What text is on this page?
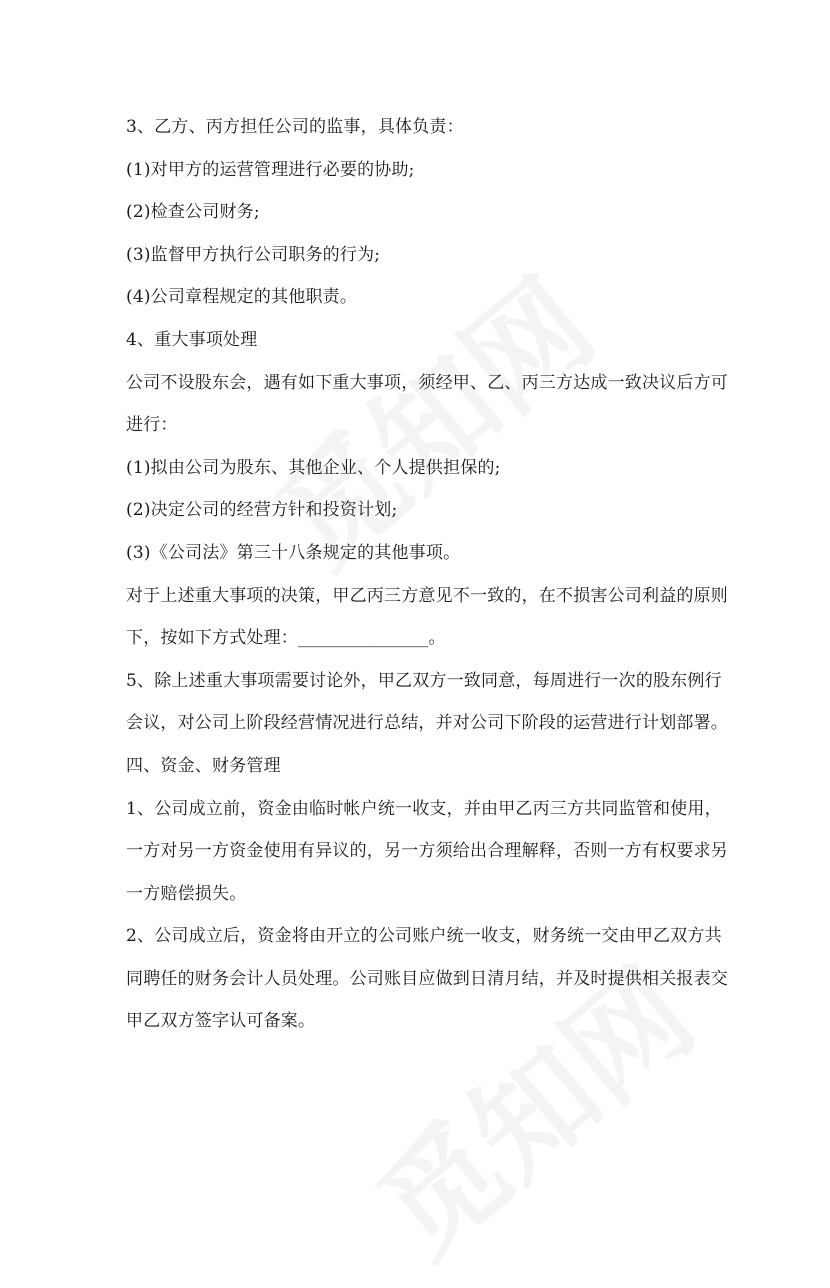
3、乙方、丙方担任公司的监事，具体负责：
(1)对甲方的运营管理进行必要的协助;
(2)检查公司财务;
(3)监督甲方执行公司职务的行为;
(4)公司章程规定的其他职责。
4、重大事项处理
公司不设股东会，遇有如下重大事项，须经甲、乙、丙三方达成一致决议后方可
进行：
(1)拟由公司为股东、其他企业、个人提供担保的;
(2)决定公司的经营方针和投资计划;
(3)《公司法》第三十八条规定的其他事项。
对于上述重大事项的决策，甲乙丙三方意见不一致的，在不损害公司利益的原则
下，按如下方式处理：_______________。
5、除上述重大事项需要讨论外，甲乙双方一致同意，每周进行一次的股东例行
会议，对公司上阶段经营情况进行总结，并对公司下阶段的运营进行计划部署。
四、资金、财务管理
1、公司成立前，资金由临时帐户统一收支，并由甲乙丙三方共同监管和使用，
一方对另一方资金使用有异议的，另一方须给出合理解释，否则一方有权要求另
一方赔偿损失。
2、公司成立后，资金将由开立的公司账户统一收支，财务统一交由甲乙双方共
同聘任的财务会计人员处理。公司账目应做到日清月结，并及时提供相关报表交
甲乙双方签字认可备案。
